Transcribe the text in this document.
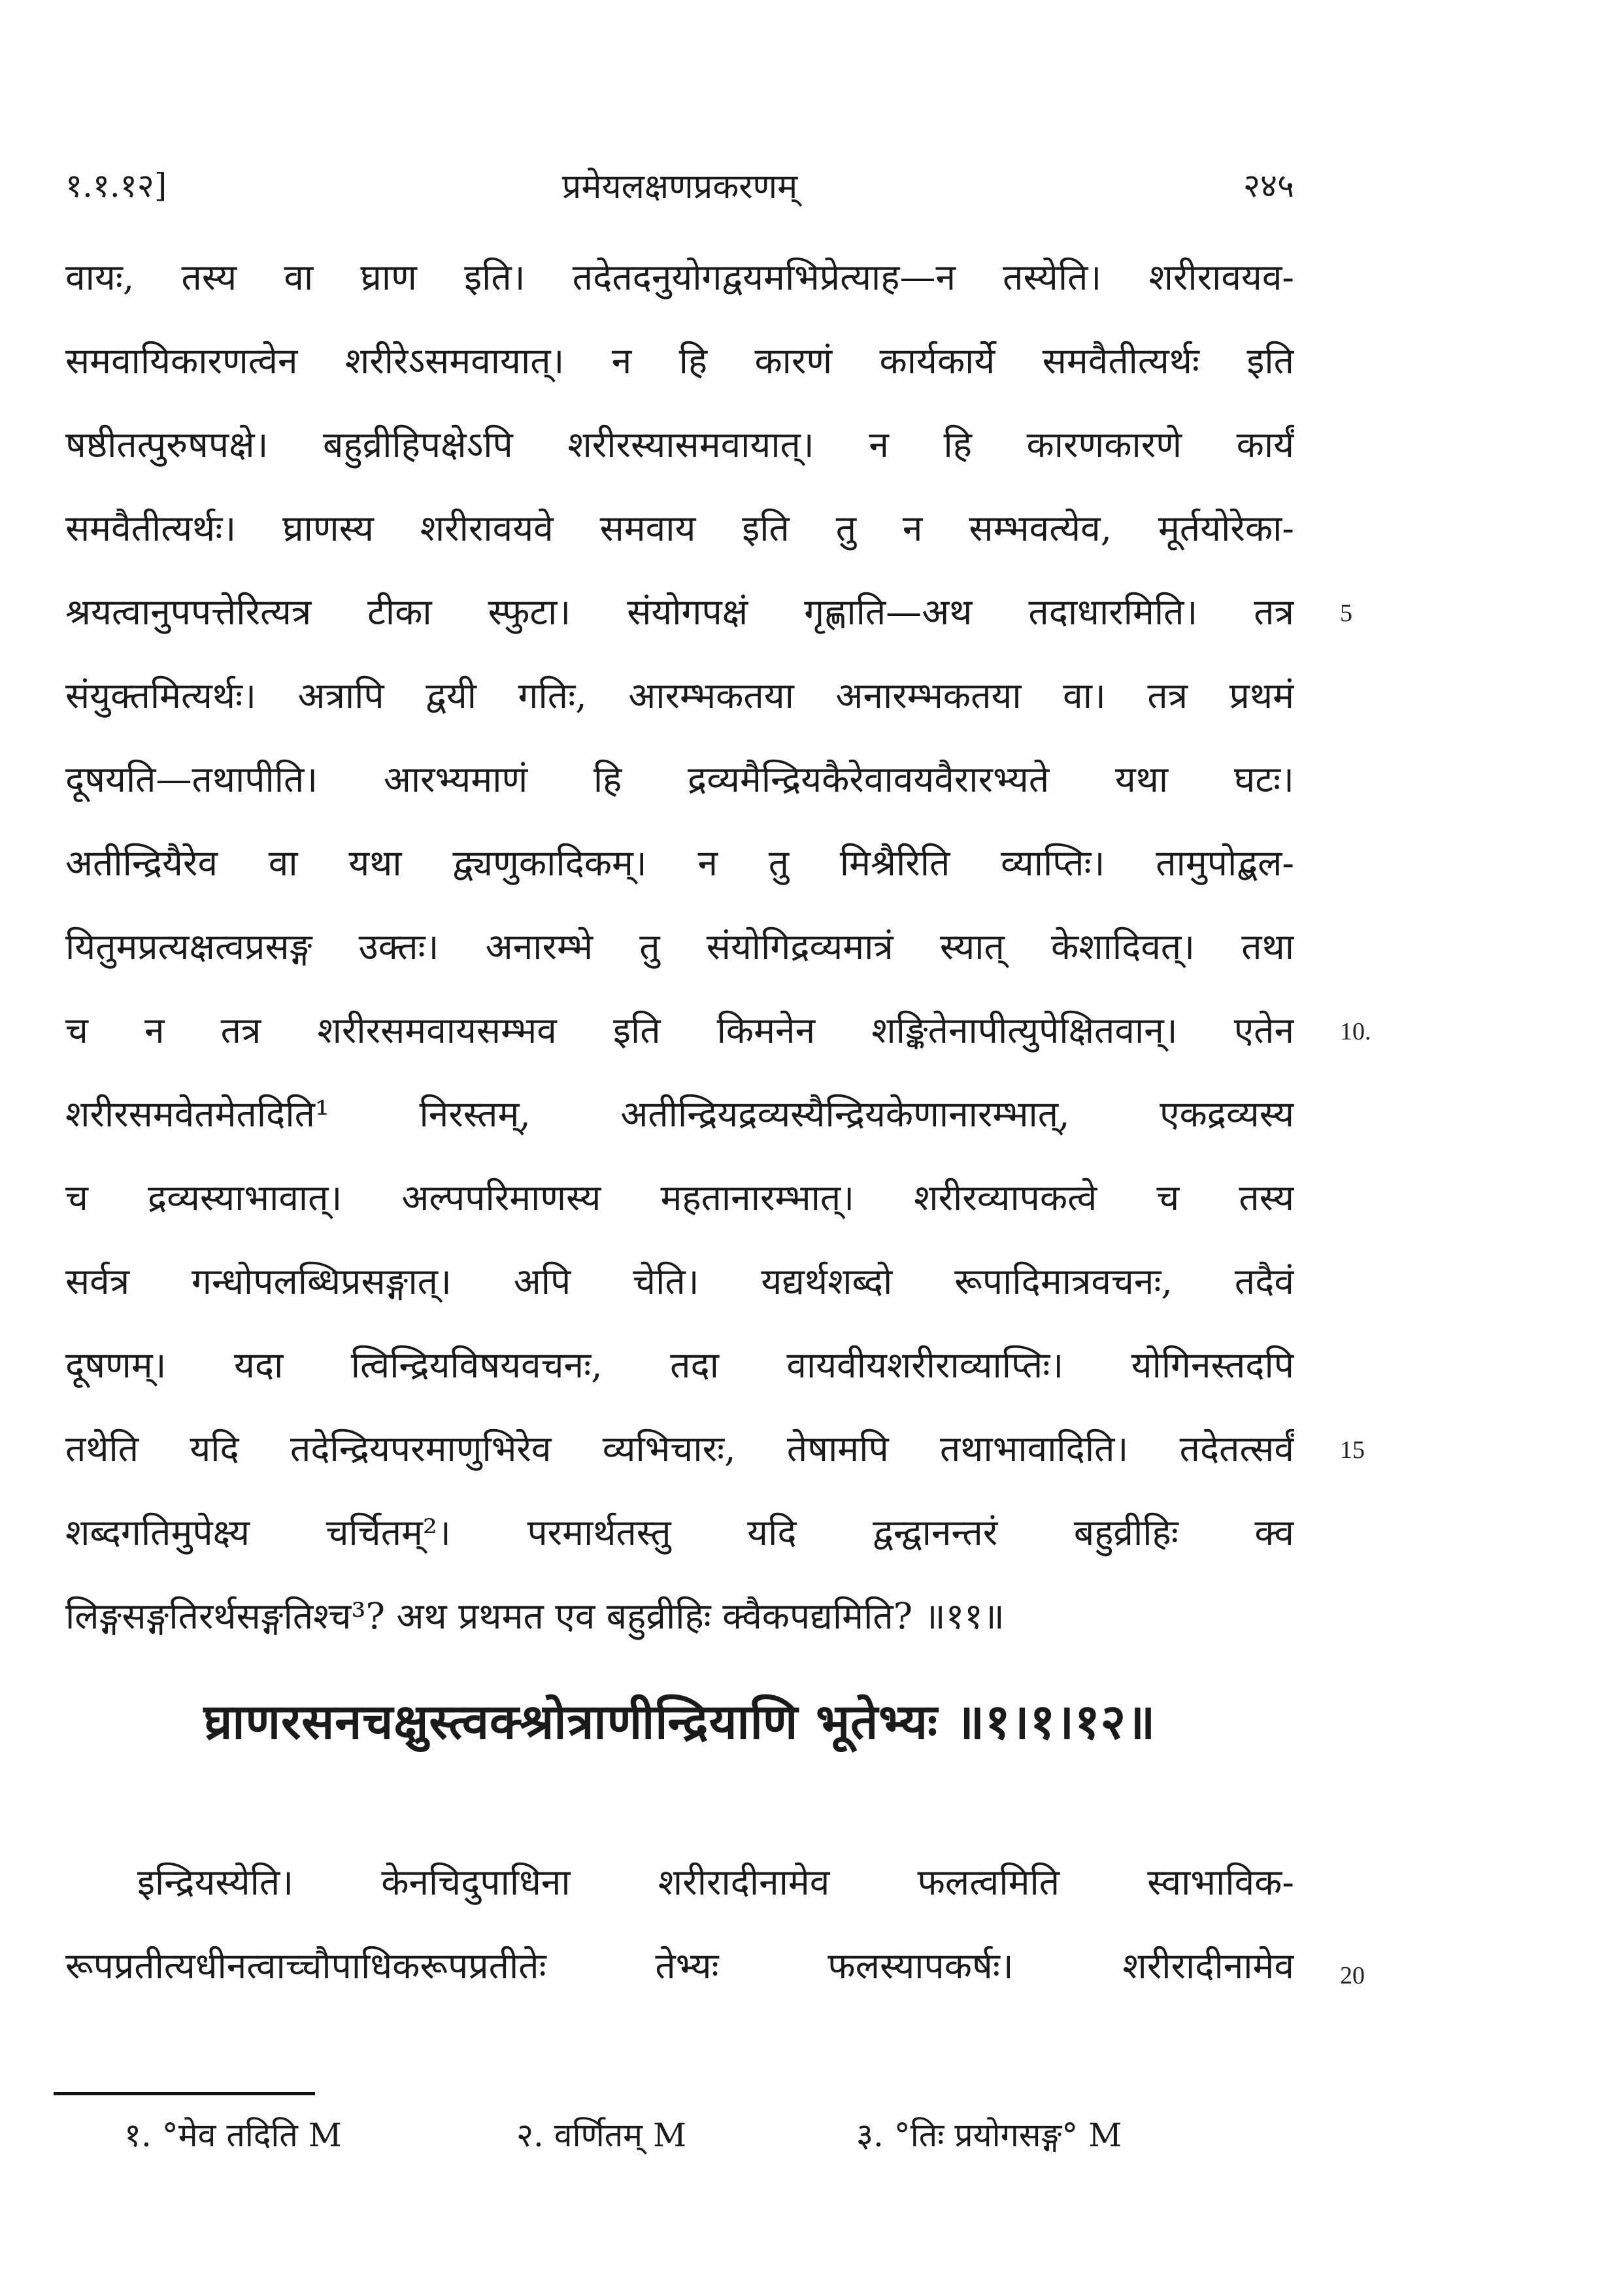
१.१.१२]	प्रमेयलक्षणप्रकरणम्	२४५
वायः, तस्य वा घ्राण इति। तदेतदनुयोगद्वयमभिप्रेत्याह—न तस्येति। शरीरावयव-
समवायिकारणत्वेन शरीरेऽसमवायात्। न हि कारणं कार्यकार्ये समवैतीत्यर्थः इति
षष्ठीतत्पुरुषपक्षे। बहुव्रीहिपक्षेऽपि शरीरस्यासमवायात्। न हि कारणकारणे कार्यं
समवैतीत्यर्थः। घ्राणस्य शरीरावयवे समवाय इति तु न सम्भवत्येव, मूर्तयोरेका-
श्रयत्वानुपपत्तेरित्यत्र टीका स्फुटा। संयोगपक्षं गृह्णाति—अथ तदाधारमिति। तत्र
संयुक्तमित्यर्थः। अत्रापि द्वयी गतिः, आरम्भकतया अनारम्भकतया वा। तत्र प्रथमं
दूषयति—तथापीति। आरभ्यमाणं हि द्रव्यमैन्द्रियकैरेवावयवैरारभ्यते यथा घटः।
अतीन्द्रियैरेव वा यथा द्व्यणुकादिकम्। न तु मिश्रैरिति व्याप्तिः। तामुपोद्बल-
यितुमप्रत्यक्षत्वप्रसङ्ग उक्तः। अनारम्भे तु संयोगिद्रव्यमात्रं स्यात् केशादिवत्। तथा
च न तत्र शरीरसमवायसम्भव इति किमनेन शङ्कितेनापीत्युपेक्षितवान्। एतेन
शरीरसमवेतमेतदिति¹ निरस्तम्, अतीन्द्रियद्रव्यस्यैन्द्रियकेणानारम्भात्, एकद्रव्यस्य
च द्रव्यस्याभावात्। अल्पपरिमाणस्य महतानारम्भात्। शरीरव्यापकत्वे च तस्य
सर्वत्र गन्धोपलब्धिप्रसङ्गात्। अपि चेति। यद्यर्थशब्दो रूपादिमात्रवचनः, तदैवं
दूषणम्। यदा त्विन्द्रियविषयवचनः, तदा वायवीयशरीराव्याप्तिः। योगिनस्तदपि
तथेति यदि तदेन्द्रियपरमाणुभिरेव व्यभिचारः, तेषामपि तथाभावादिति। तदेतत्सर्वं
शब्दगतिमुपेक्ष्य चर्चितम्²। परमार्थतस्तु यदि द्वन्द्वानन्तरं बहुव्रीहिः क्व
लिङ्गसङ्गतिरर्थसङ्गतिश्च³? अथ प्रथमत एव बहुव्रीहिः क्वैकपद्यमिति? ॥११॥
5
10.
15
घ्राणरसनचक्षुस्त्वक्श्रोत्राणीन्द्रियाणि भूतेभ्यः ॥१।१।१२॥
इन्द्रियस्येति। केनचिदुपाधिना शरीरादीनामेव फलत्वमिति स्वाभाविक-
रूपप्रतीत्यधीनत्वाच्चौपाधिकरूपप्रतीतेः तेभ्यः फलस्यापकर्षः। शरीरादीनामेव 20
१. °मेव तदिति M	२. वर्णितम् M	३. °तिः प्रयोगसङ्ग° M
